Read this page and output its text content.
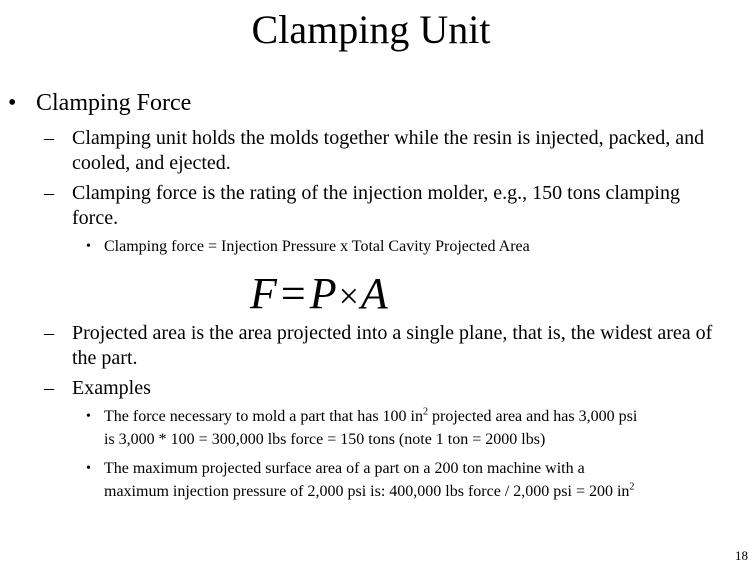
Clamping Unit
• Clamping Force
– Clamping unit holds the molds together while the resin is injected, packed, and
cooled, and ejected.
– Clamping force is the rating of the injection molder, e.g., 150 tons clamping
force.
• Clamping force = Injection Pressure x Total Cavity Projected Area
F=P×A
– Projected area is the area projected into a single plane, that is, the widest area of
the part.
– Examples
• The force necessary to mold a part that has 100 $in^2$ projected area and has 3,000 psi
is 3,000 * 100 = 300,000 lbs force = 150 tons (note 1 ton = 2000 lbs)
• The maximum projected surface area of a part on a 200 ton machine with a
maximum injection pressure of 2,000 psi is: 400,000 lbs force / 2,000 psi = 200 $in^2$
18
